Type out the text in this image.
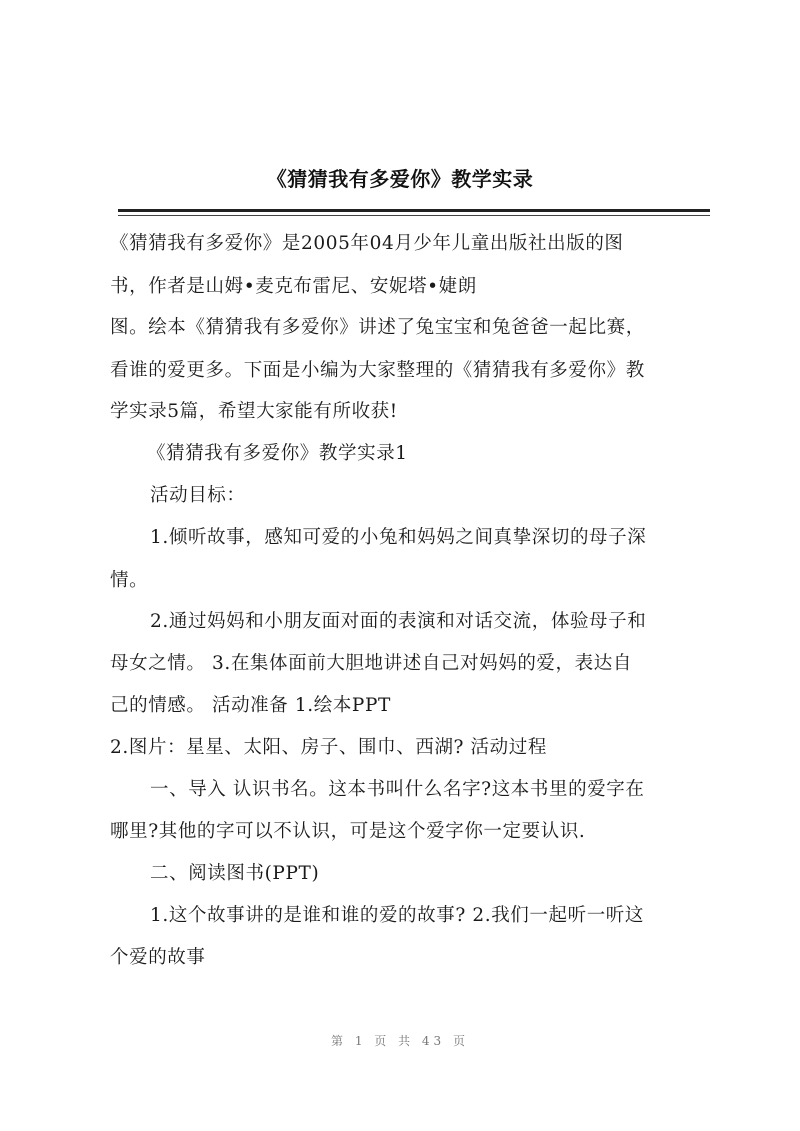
《猜猜我有多爱你》教学实录
《猜猜我有多爱你》是2005年04月少年儿童出版社出版的图
书，作者是山姆•麦克布雷尼、安妮塔•婕朗
图。绘本《猜猜我有多爱你》讲述了兔宝宝和兔爸爸一起比赛，
看谁的爱更多。下面是小编为大家整理的《猜猜我有多爱你》教
学实录5篇，希望大家能有所收获!
《猜猜我有多爱你》教学实录1
活动目标：
1.倾听故事，感知可爱的小兔和妈妈之间真挚深切的母子深
情。
2.通过妈妈和小朋友面对面的表演和对话交流，体验母子和
母女之情。 3.在集体面前大胆地讲述自己对妈妈的爱，表达自
己的情感。 活动准备 1.绘本PPT
2.图片：星星、太阳、房子、围巾、西湖? 活动过程
一、导入 认识书名。这本书叫什么名字?这本书里的爱字在
哪里?其他的字可以不认识，可是这个爱字你一定要认识.
二、阅读图书(PPT)
1.这个故事讲的是谁和谁的爱的故事? 2.我们一起听一听这
个爱的故事
第 1 页 共 43 页
